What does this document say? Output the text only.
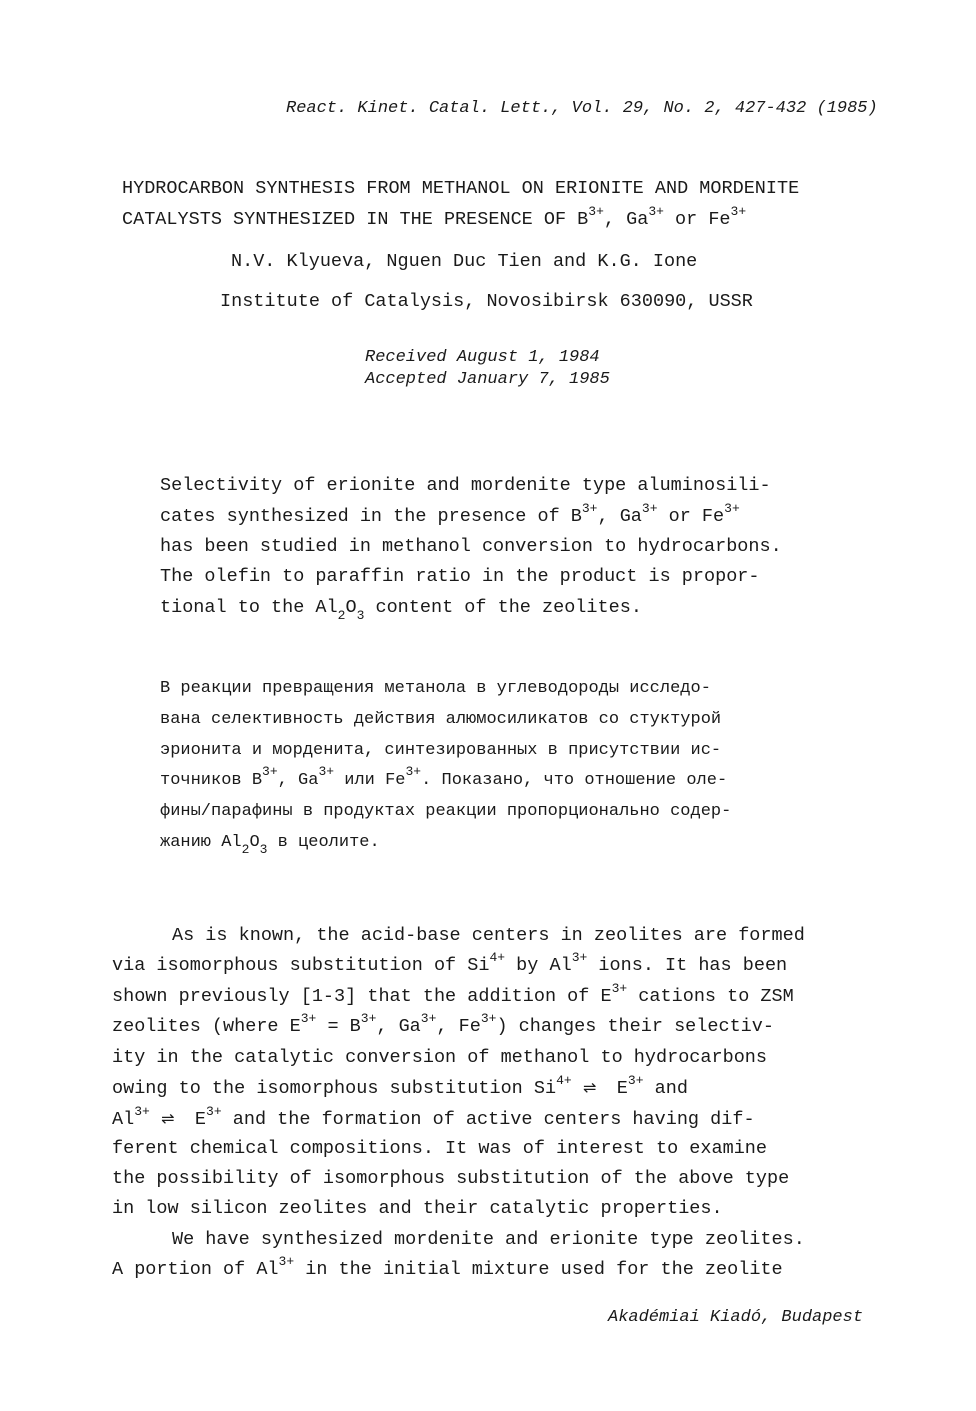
React. Kinet. Catal. Lett., Vol. 29, No. 2, 427-432 (1985)
HYDROCARBON SYNTHESIS FROM METHANOL ON ERIONITE AND MORDENITE
CATALYSTS SYNTHESIZED IN THE PRESENCE OF $B^{3+}$, $Ga^{3+}$ or $Fe^{3+}$
N.V. Klyueva, Nguen Duc Tien and K.G. Ione
Institute of Catalysis, Novosibirsk 630090, USSR
Received August 1, 1984
Accepted January 7, 1985
Selectivity of erionite and mordenite type aluminosili-
cates synthesized in the presence of $B^{3+}$, $Ga^{3+}$ or $Fe^{3+}$
has been studied in methanol conversion to hydrocarbons.
The olefin to paraffin ratio in the product is propor-
tional to the $Al_2O_3$ content of the zeolites.
В реакции превращения метанола в углеводороды исследо-
вана селективность действия алюмосиликатов со стуктурой
эрионита и морденита, синтезированных в присутствии ис-
точников $B^{3+}$, $Ga^{3+}$ или $Fe^{3+}$. Показано, что отношение оле-
фины/парафины в продуктах реакции пропорционально содер-
жанию $Al_2O_3$ в цеолите.
As is known, the acid-base centers in zeolites are formed
via isomorphous substitution of $Si^{4+}$ by $Al^{3+}$ ions. It has been
shown previously [1-3] that the addition of $E^{3+}$ cations to ZSM
zeolites (where $E^{3+} = B^{3+}$, $Ga^{3+}$, $Fe^{3+}$) changes their selectiv-
ity in the catalytic conversion of methanol to hydrocarbons
owing to the isomorphous substitution $Si^{4+}$ ⇌ $E^{3+}$ and
$Al^{3+}$ ⇌ $E^{3+}$ and the formation of active centers having dif-
ferent chemical compositions. It was of interest to examine
the possibility of isomorphous substitution of the above type
in low silicon zeolites and their catalytic properties.
We have synthesized mordenite and erionite type zeolites.
A portion of $Al^{3+}$ in the initial mixture used for the zeolite
Akadémiai Kiadó, Budapest
